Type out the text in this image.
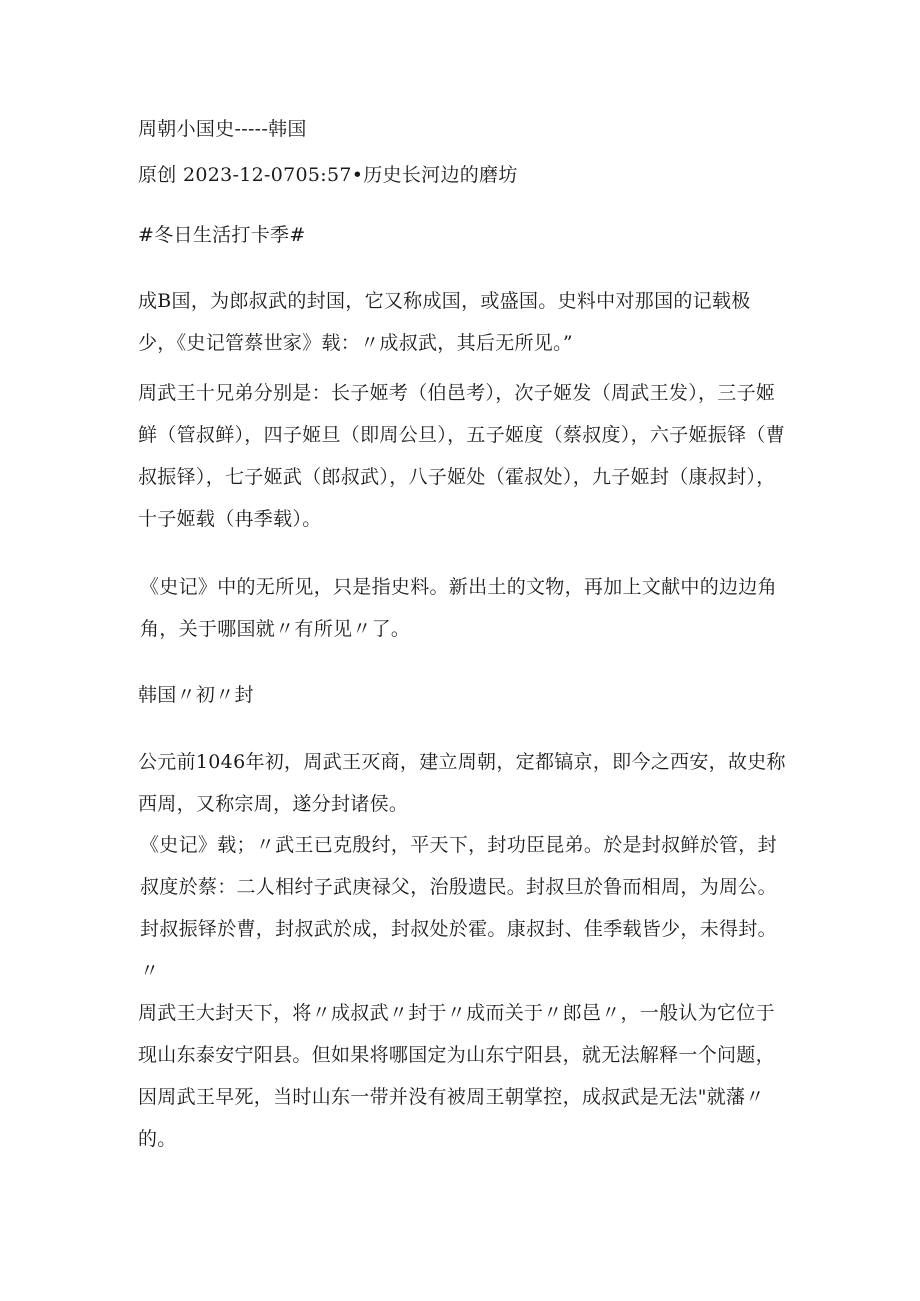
周朝小国史-----韩国
原创 2023-12-0705:57•历史长河边的磨坊
#冬日生活打卡季#
成B国，为郎叔武的封国，它又称成国，或盛国。史料中对那国的记载极少，《史记管蔡世家》载：〃成叔武，其后无所见。”
周武王十兄弟分别是：长子姬考（伯邑考），次子姬发（周武王发），三子姬鲜（管叔鲜），四子姬旦（即周公旦），五子姬度（蔡叔度），六子姬振铎（曹叔振铎），七子姬武（郎叔武），八子姬处（霍叔处），九子姬封（康叔封），十子姬载（冉季载）。
《史记》中的无所见，只是指史料。新出土的文物，再加上文献中的边边角角，关于哪国就〃有所见〃了。
韩国〃初〃封
公元前1046年初，周武王灭商，建立周朝，定都镐京，即今之西安，故史称西周，又称宗周，遂分封诸侯。
《史记》载；〃武王已克殷纣，平天下，封功臣昆弟。於是封叔鲜於管，封叔度於蔡：二人相纣子武庚禄父，治殷遗民。封叔旦於鲁而相周，为周公。封叔振铎於曹，封叔武於成，封叔处於霍。康叔封、佳季载皆少，未得封。〃
周武王大封天下，将〃成叔武〃封于〃成而关于〃郎邑〃，一般认为它位于现山东泰安宁阳县。但如果将哪国定为山东宁阳县，就无法解释一个问题，因周武王早死，当时山东一带并没有被周王朝掌控，成叔武是无法"就藩〃的。
